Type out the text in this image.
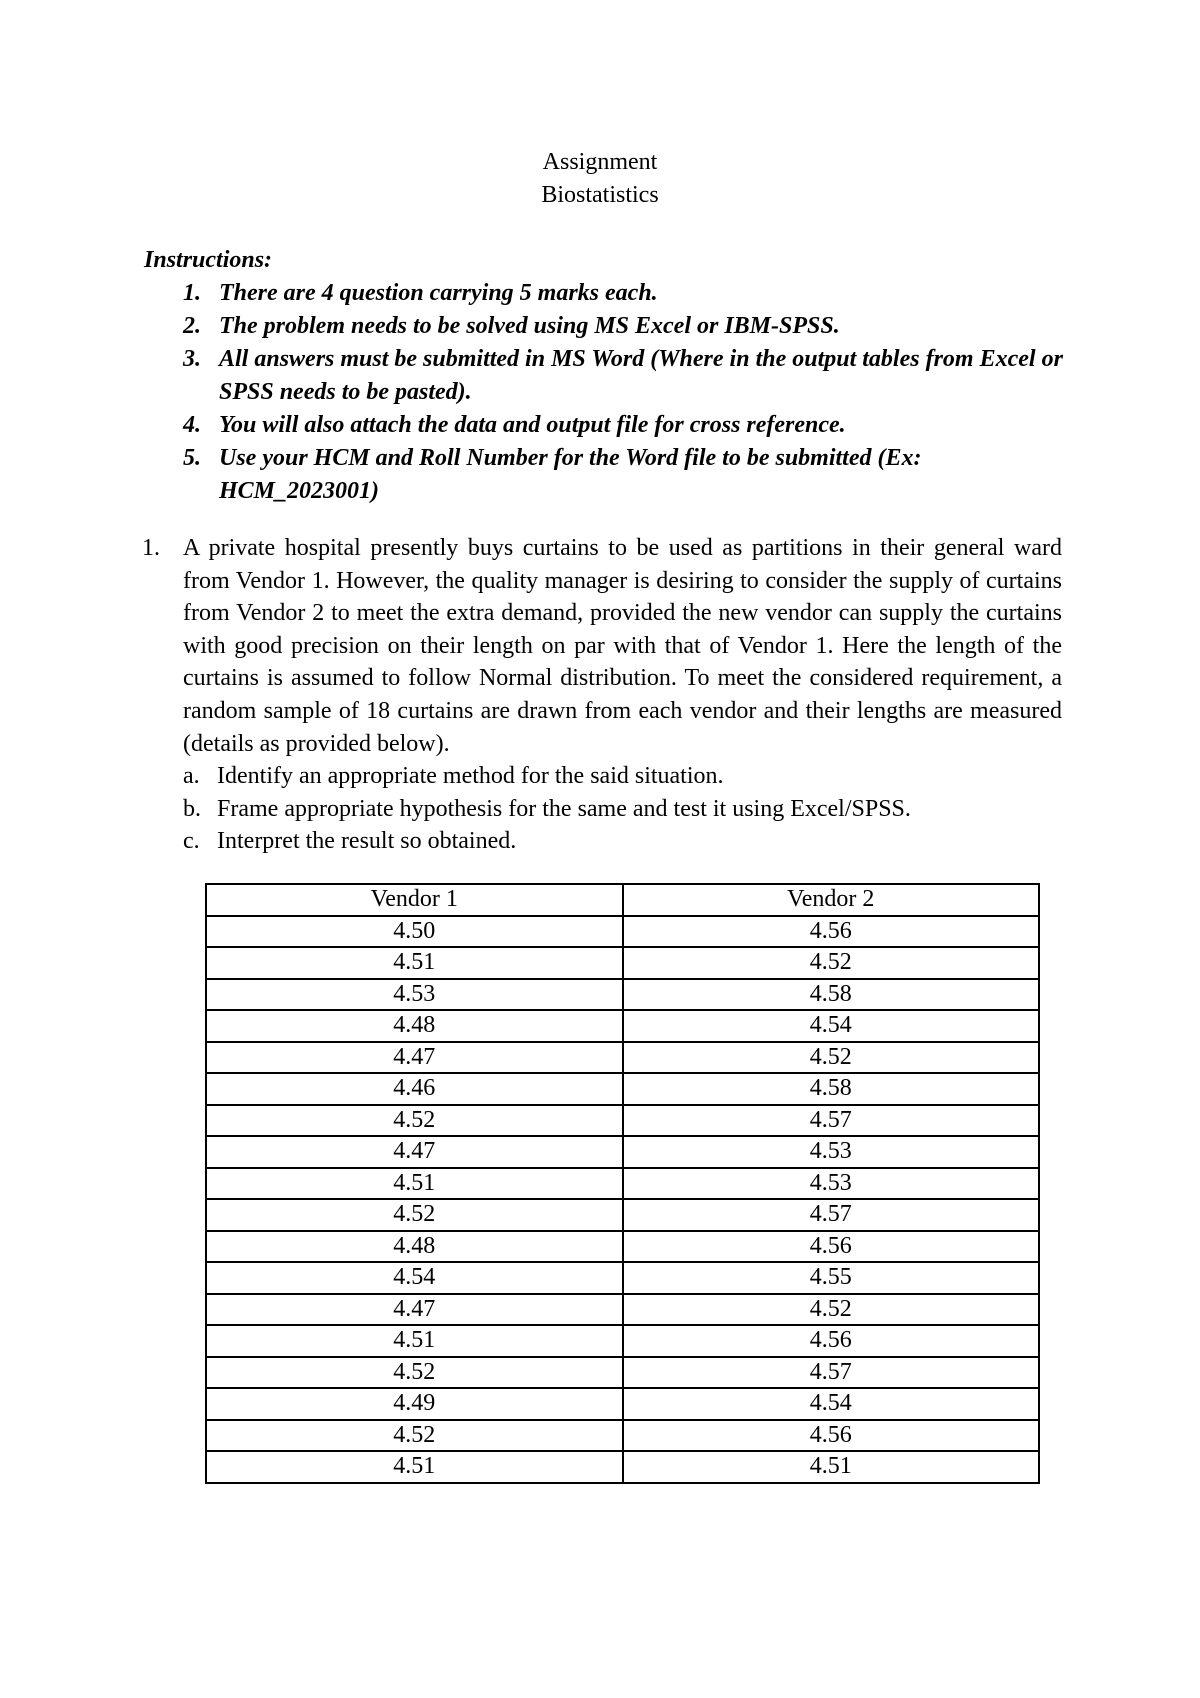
Assignment
Biostatistics
Instructions:
1. There are 4 question carrying 5 marks each.
2. The problem needs to be solved using MS Excel or IBM-SPSS.
3. All answers must be submitted in MS Word (Where in the output tables from Excel or SPSS needs to be pasted).
4. You will also attach the data and output file for cross reference.
5. Use your HCM and Roll Number for the Word file to be submitted (Ex: HCM_2023001)
1. A private hospital presently buys curtains to be used as partitions in their general ward from Vendor 1. However, the quality manager is desiring to consider the supply of curtains from Vendor 2 to meet the extra demand, provided the new vendor can supply the curtains with good precision on their length on par with that of Vendor 1. Here the length of the curtains is assumed to follow Normal distribution. To meet the considered requirement, a random sample of 18 curtains are drawn from each vendor and their lengths are measured (details as provided below).

a. Identify an appropriate method for the said situation.
b. Frame appropriate hypothesis for the same and test it using Excel/SPSS.
c. Interpret the result so obtained.
Vendor 1	Vendor 2
4.50	4.56
4.51	4.52
4.53	4.58
4.48	4.54
4.47	4.52
4.46	4.58
4.52	4.57
4.47	4.53
4.51	4.53
4.52	4.57
4.48	4.56
4.54	4.55
4.47	4.52
4.51	4.56
4.52	4.57
4.49	4.54
4.52	4.56
4.51	4.51
